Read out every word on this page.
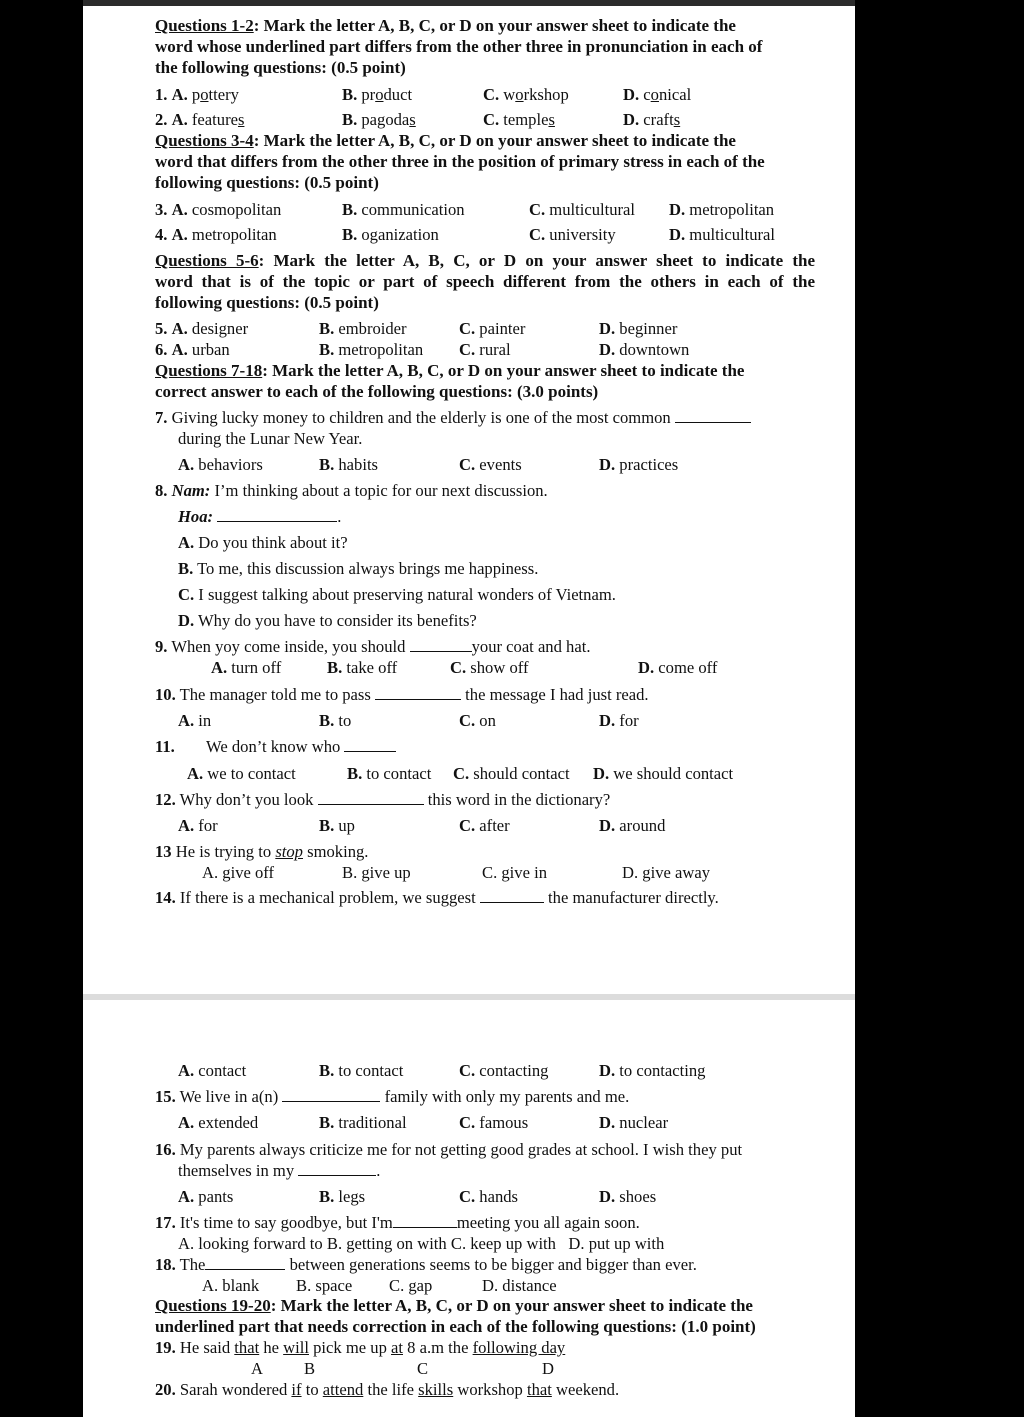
Questions 1-2: Mark the letter A, B, C, or D on your answer sheet to indicate the
word whose underlined part differs from the other three in pronunciation in each of
the following questions: (0.5 point)
1. A. pottery	B. product	C. workshop	D. conical
2. A. features	B. pagodas	C. temples	D. crafts
Questions 3-4: Mark the letter A, B, C, or D on your answer sheet to indicate the
word that differs from the other three in the position of primary stress in each of the
following questions: (0.5 point)
3. A. cosmopolitan	B. communication	C. multicultural D. metropolitan
4. A. metropolitan	B. oganization	C. university	D. multicultural
Questions 5-6: Mark the letter A, B, C, or D on your answer sheet to indicate the
word that is of the topic or part of speech different from the others in each of the
following questions: (0.5 point)
5. A. designer	B. embroider	C. painter	D. beginner
6. A. urban	B. metropolitan C. rural	D. downtown
Questions 7-18: Mark the letter A, B, C, or D on your answer sheet to indicate the
correct answer to each of the following questions: (3.0 points)
7. Giving lucky money to children and the elderly is one of the most common
during the Lunar New Year.
A. behaviors	B. habits	C. events	D. practices
8. Nam: I’m thinking about a topic for our next discussion.
Hoa:	.
A. Do you think about it?
B. To me, this discussion always brings me happiness.
C. I suggest talking about preserving natural wonders of Vietnam.
D. Why do you have to consider its benefits?
9. When yoy come inside, you should	your coat and hat.
A. turn off	B. take off	C. show off	D. come off
10. The manager told me to pass	the message I had just read.
A. in	B. to	C. on	D. for
11. We don’t know who
A. we to contact	B. to contact C. should contact D. we should contact
12. Why don’t you look	this word in the dictionary?
A. for	B. up	C. after	D. around
13 He is trying to stop smoking.
A. give off	B. give up	C. give in	D. give away
14. If there is a mechanical problem, we suggest	the manufacturer directly.
A. contact	B. to contact	C. contacting	D. to contacting
15. We live in a(n)	family with only my parents and me.
A. extended	B. traditional	C. famous	D. nuclear
16. My parents always criticize me for not getting good grades at school. I wish they put
themselves in my	.
A. pants	B. legs	C. hands	D. shoes
17. It's time to say goodbye, but I'm	meeting you all again soon.
A. looking forward to B. getting on with C. keep up with D. put up with
18. The	between generations seems to be bigger and bigger than ever.
A. blank B. space C. gap	D. distance
Questions 19-20: Mark the letter A, B, C, or D on your answer sheet to indicate the
underlined part that needs correction in each of the following questions: (1.0 point)
19. He said that he will pick me up at 8 a.m the following day
A B	C	D
20. Sarah wondered if to attend the life skills workshop that weekend.
